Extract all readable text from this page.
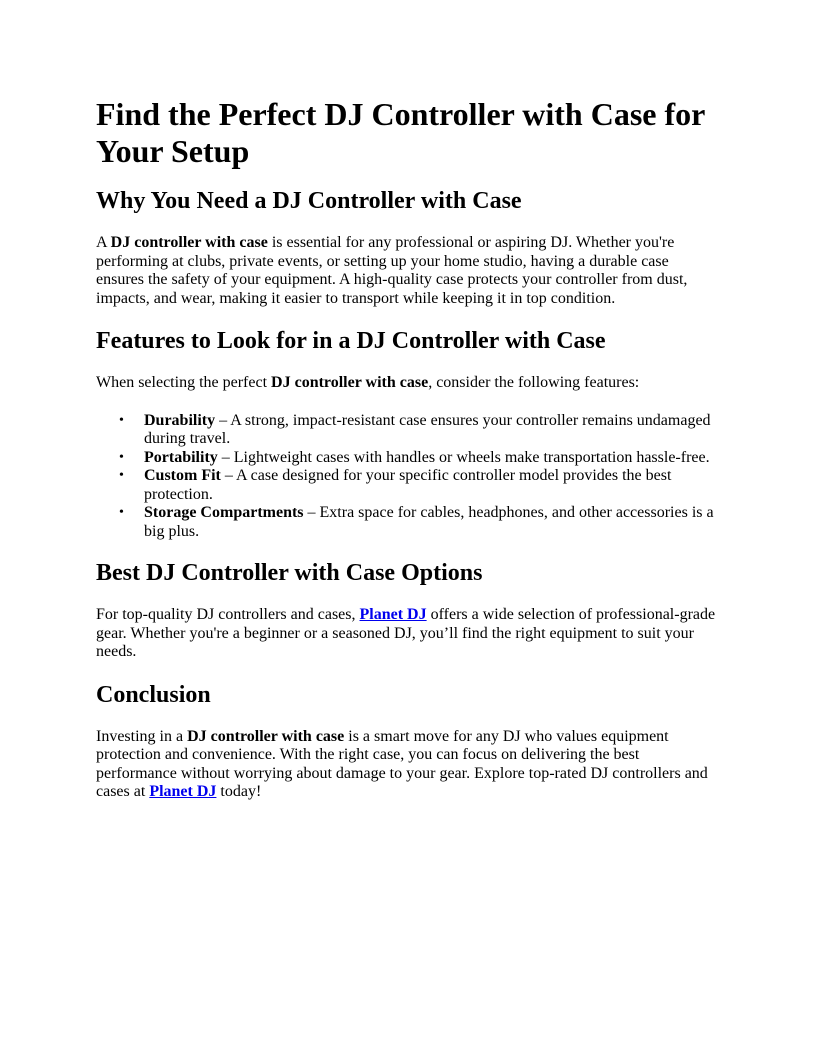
Find the Perfect DJ Controller with Case for Your Setup
Why You Need a DJ Controller with Case

A DJ controller with case is essential for any professional or aspiring DJ. Whether you're performing at clubs, private events, or setting up your home studio, having a durable case ensures the safety of your equipment. A high-quality case protects your controller from dust, impacts, and wear, making it easier to transport while keeping it in top condition.

Features to Look for in a DJ Controller with Case

When selecting the perfect DJ controller with case, consider the following features:

• Durability – A strong, impact-resistant case ensures your controller remains undamaged during travel.
• Portability – Lightweight cases with handles or wheels make transportation hassle-free.
• Custom Fit – A case designed for your specific controller model provides the best protection.
• Storage Compartments – Extra space for cables, headphones, and other accessories is a big plus.
Best DJ Controller with Case Options

For top-quality DJ controllers and cases, Planet DJ offers a wide selection of professional-grade gear. Whether you're a beginner or a seasoned DJ, you’ll find the right equipment to suit your needs.

Conclusion

Investing in a DJ controller with case is a smart move for any DJ who values equipment protection and convenience. With the right case, you can focus on delivering the best performance without worrying about damage to your gear. Explore top-rated DJ controllers and cases at Planet DJ today!
